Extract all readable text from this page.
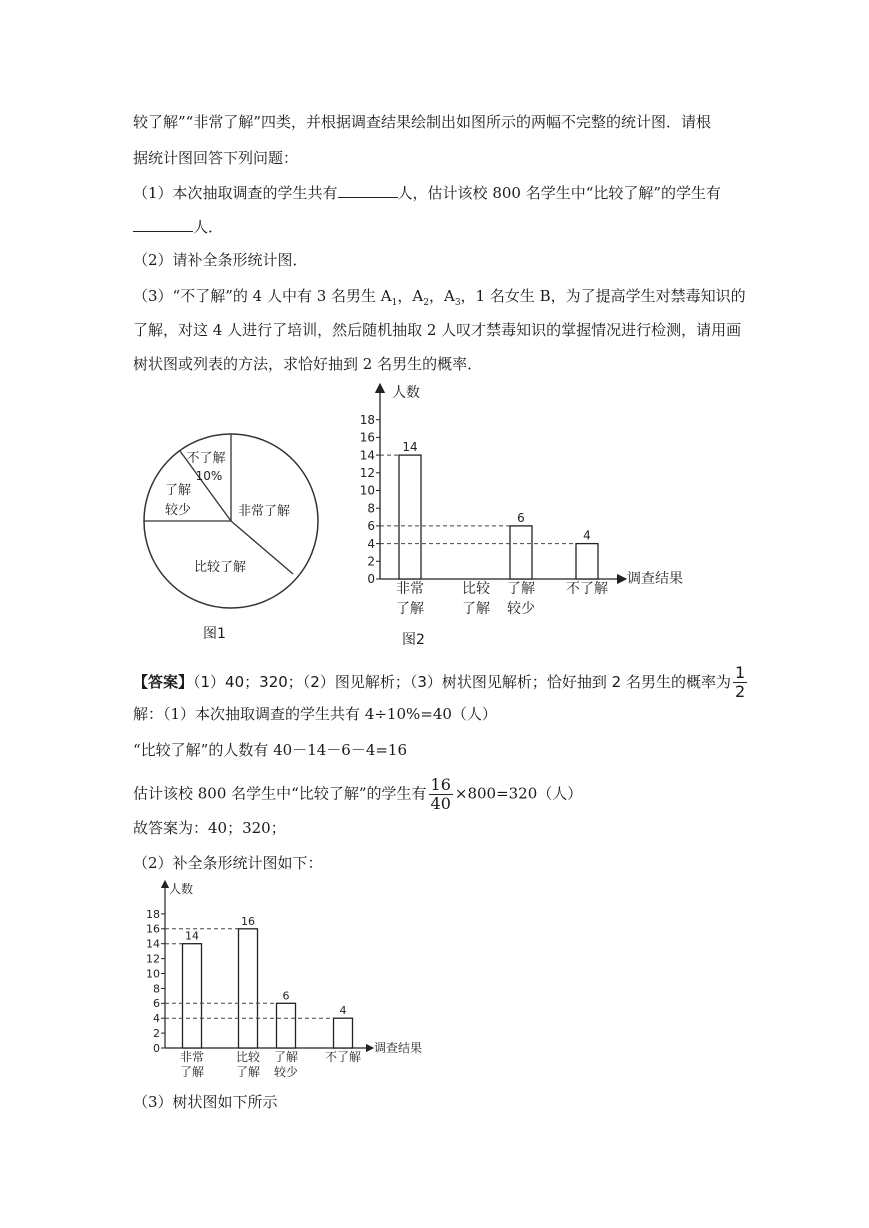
较了解”“非常了解”四类，并根据调查结果绘制出如图所示的两幅不完整的统计图．请根
据统计图回答下列问题：
（1）本次抽取调查的学生共有	人，估计该校 800 名学生中“比较了解”的学生有
人．
（2）请补全条形统计图．
（3）“不了解”的 4 人中有 3 名男生 $A_1$，$A_2$，$A_3$，1 名女生 B，为了提高学生对禁毒知识的
了解，对这 4 人进行了培训，然后随机抽取 2 人叹才禁毒知识的掌握情况进行检测，请用画
树状图或列表的方法，求恰好抽到 2 名男生的概率．
不了解
10%
了解
较少	非常了解
比较了解
图1
人数
调查结果
18
16
14
12
10
8
6
4
2
0
14
6
4
非常
了解
比较
了解
了解
较少
不了解
图2
【答案】（1）40；320；（2）图见解析；（3）树状图见解析；恰好抽到 2 名男生的概率为 $\frac{1}{2}$
解：（1）本次抽取调查的学生共有 4÷10%=40（人）
“比较了解”的人数有 40－14－6－4=16
估计该校 800 名学生中“比较了解”的学生有 $\frac{16}{40} \times 800=320$（人）
故答案为：40；320；
（2）补全条形统计图如下：
人数
调查结果
18
16
14
12
10
8
6
4
2
0
14
16
6
4
非常
了解
比较
了解
了解
较少
不了解
（3）树状图如下所示
